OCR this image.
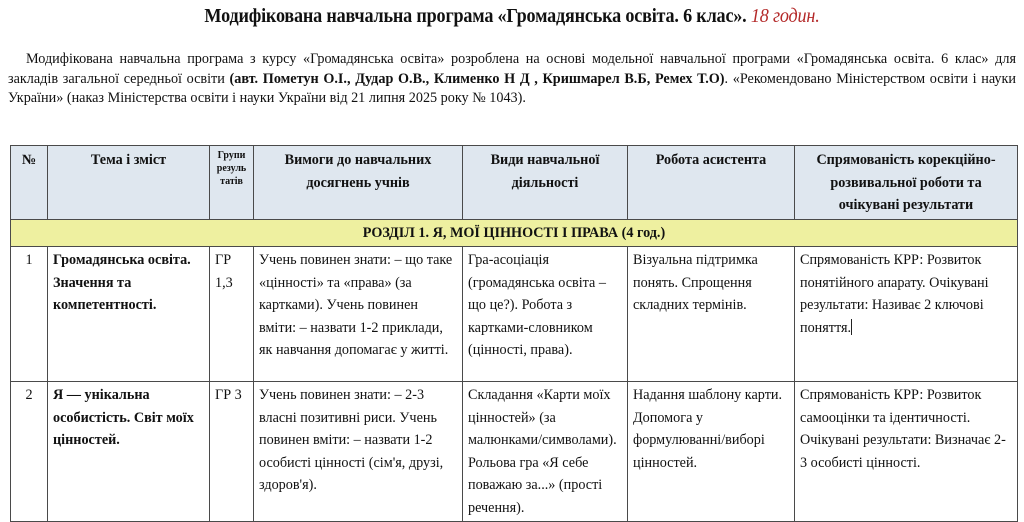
Модифікована навчальна програма «Громадянська освіта. 6 клас». 18 годин.
Модифікована навчальна програма з курсу «Громадянська освіта» розроблена на основі модельної навчальної програми «Громадянська освіта. 6 клас» для закладів загальної середньої освіти (авт. Пометун О.І., Дудар О.В., Клименко Н Д , Кришмарел В.Б, Ремех Т.О). «Рекомендовано Міністерством освіти і науки України» (наказ Міністерства освіти і науки України від 21 липня 2025 року № 1043).
№	Тема і зміст	Групи резуль татів	Вимоги до навчальних досягнень учнів	Види навчальної діяльності	Робота асистента	Спрямованість корекційно-розвивальної роботи та очікувані результати
РОЗДІЛ 1. Я, МОЇ ЦІННОСТІ І ПРАВА (4 год.)						
1	Громадянська освіта. Значення та компетентності.	ГР 1,3	Учень повинен знати: – що таке «цінності» та «права» (за картками). Учень повинен вміти: – назвати 1-2 приклади, як навчання допомагає у житті.	Гра-асоціація (громадянська освіта – що це?). Робота з картками-словником (цінності, права).	Візуальна підтримка понять. Спрощення складних термінів.	Спрямованість КРР: Розвиток понятійного апарату. Очікувані результати: Називає 2 ключові поняття.
2	Я — унікальна особистість. Світ моїх цінностей.	ГР 3	Учень повинен знати: – 2-3 власні позитивні риси. Учень повинен вміти: – назвати 1-2 особисті цінності (сім'я, друзі, здоров'я).	Складання «Карти моїх цінностей» (за малюнками/символами). Рольова гра «Я себе поважаю за...» (прості речення).	Надання шаблону карти. Допомога у формулюванні/виборі цінностей.	Спрямованість КРР: Розвиток самооцінки та ідентичності. Очікувані результати: Визначає 2-3 особисті цінності.
